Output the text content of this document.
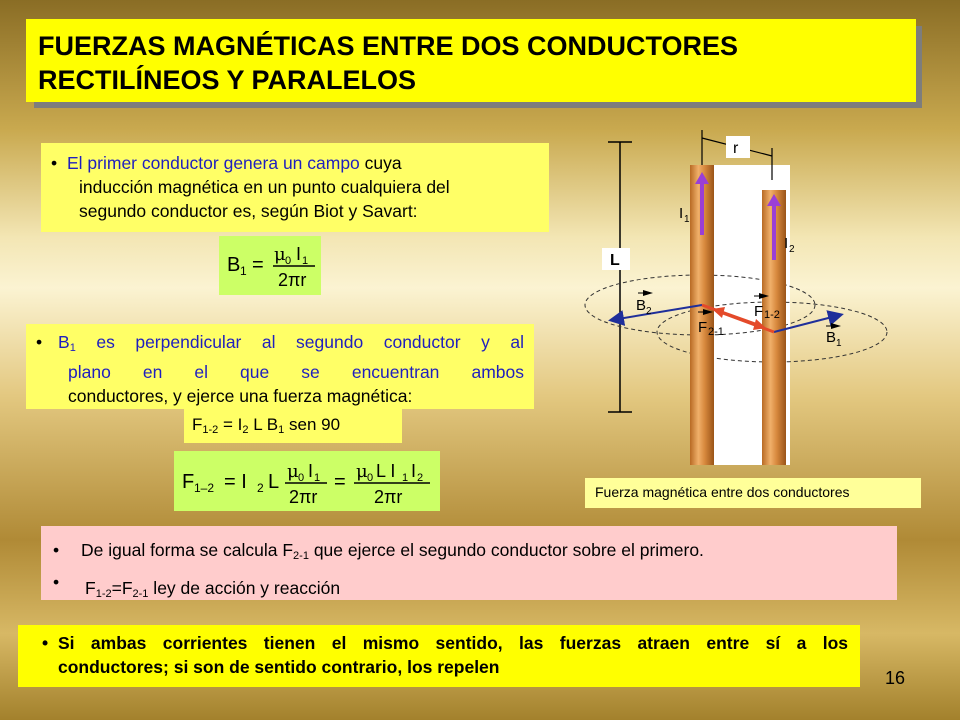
FUERZAS MAGNÉTICAS ENTRE DOS CONDUCTORES
RECTILÍNEOS Y PARALELOS
• El primer conductor genera un campo cuya
inducción magnética en un punto cualquiera del
segundo conductor es, según Biot y Savart:
B 1 = μ 0 I 1
2πr
• $B_1$ es perpendicular al segundo conductor y al
plano en el que se encuentran ambos
conductores, y ejerce una fuerza magnética:
$F_{1-2} = I_2$ L $B_1$ sen 90
F 1–2 = I 2 L μ 0 I 1
2πr
= μ 0 L I 1 I 2
2πr
L
r
I 1
I 2
B 2	F 1-2
F 2-1	B 1
Fuerza magnética entre dos conductores
• De igual forma se calcula $F_{2-1}$ que ejerce el segundo conductor sobre el primero.
• $F_{1-2}=F_{2-1}$ ley de acción y reacción
• Si ambas corrientes tienen el mismo sentido, las fuerzas atraen entre sí a los
conductores; si son de sentido contrario, los repelen
16
